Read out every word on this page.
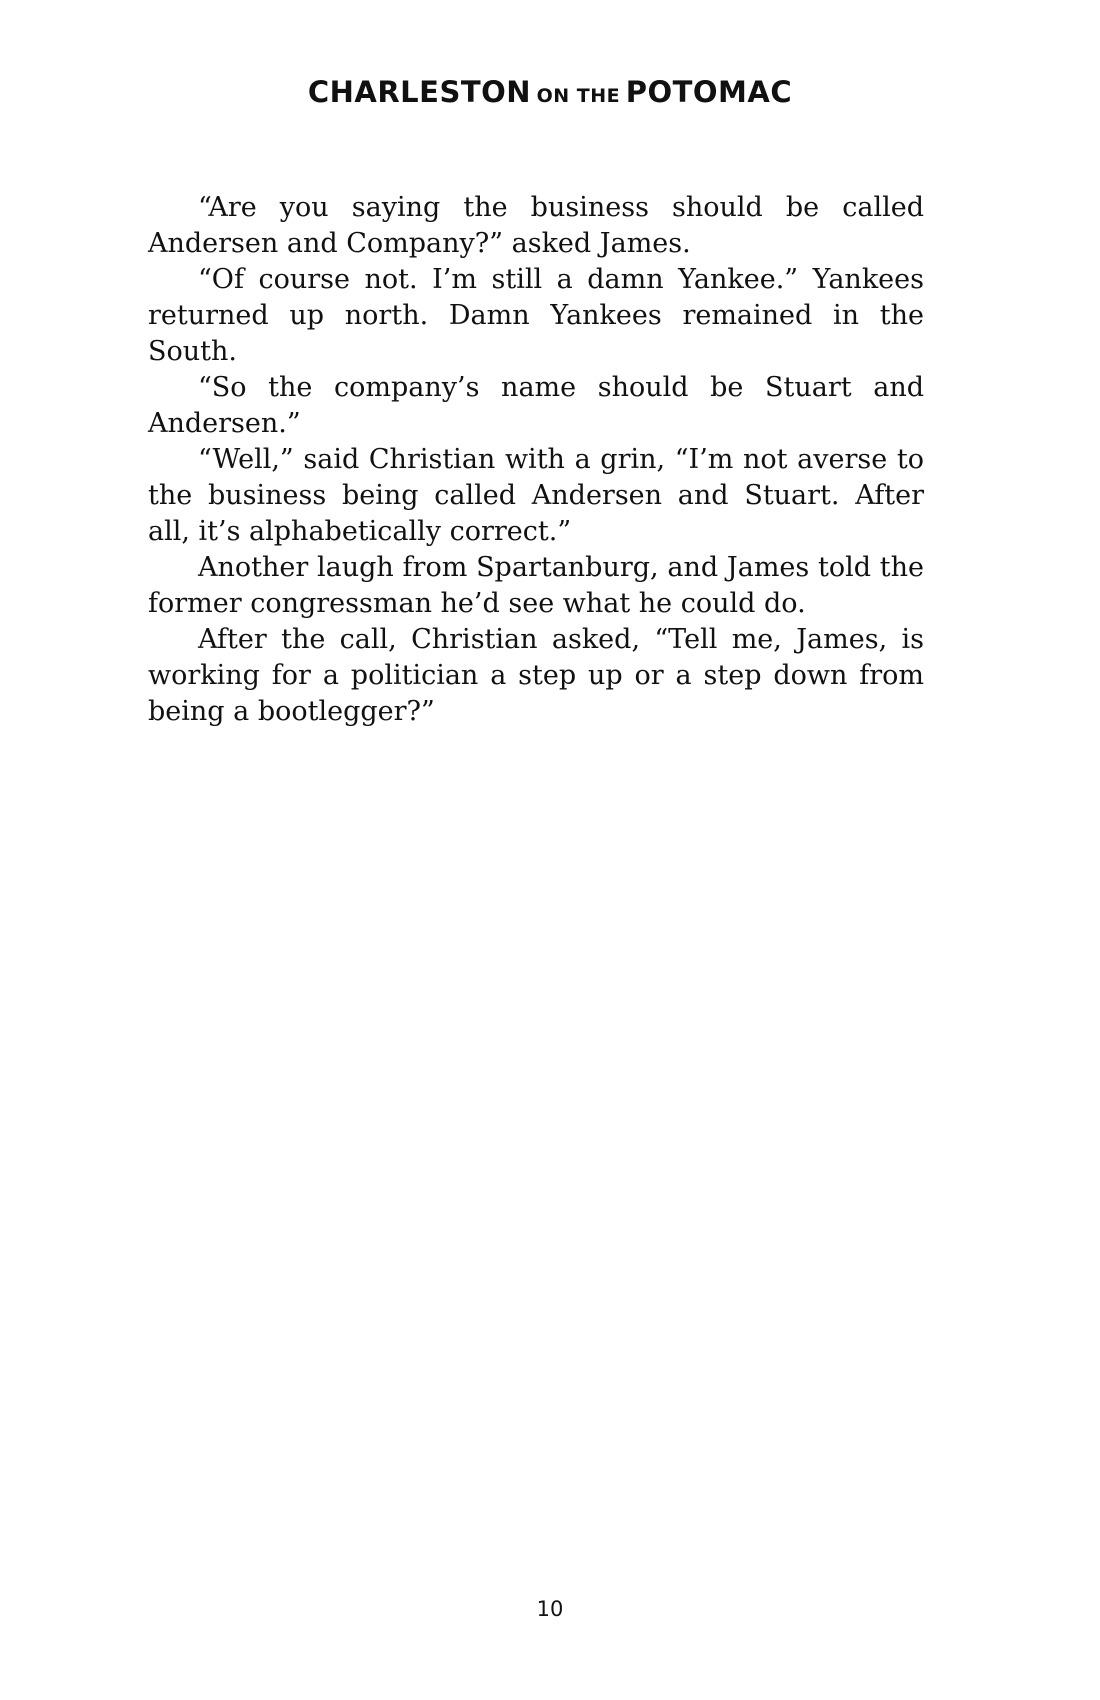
CHARLESTON ON THE POTOMAC

“Are you saying the business should be called Andersen and Company?” asked James.

“Of course not. I’m still a damn Yankee.” Yankees returned up north. Damn Yankees remained in the South.

“So the company’s name should be Stuart and Andersen.”

“Well,” said Christian with a grin, “I’m not averse to the business being called Andersen and Stuart. After all, it’s alphabetically correct.”

Another laugh from Spartanburg, and James told the former congressman he’d see what he could do.

After the call, Christian asked, “Tell me, James, is working for a politician a step up or a step down from being a bootlegger?”

10
